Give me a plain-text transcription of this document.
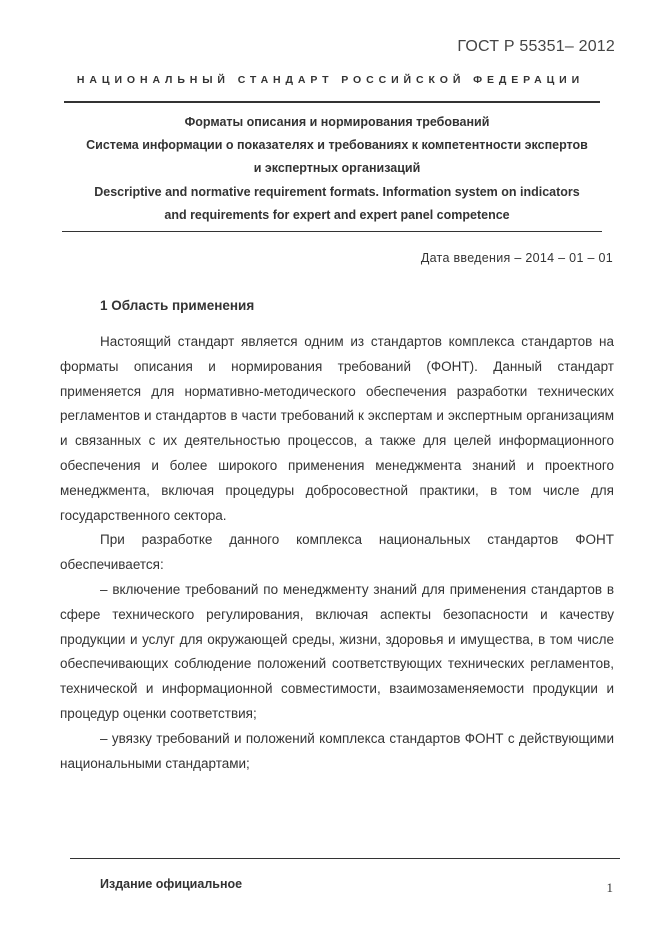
ГОСТ Р 55351– 2012
НАЦИОНАЛЬНЫЙ СТАНДАРТ РОССИЙСКОЙ ФЕДЕРАЦИИ
Форматы описания и нормирования требований
Система информации о показателях и требованиях к компетентности экспертов
и экспертных организаций
Descriptive and normative requirement formats. Information system on indicators
and requirements for expert and expert panel competence
Дата введения – 2014 – 01 – 01
1 Область применения

Настоящий стандарт является одним из стандартов комплекса стандартов на форматы описания и нормирования требований (ФОНТ). Данный стандарт применяется для нормативно-методического обеспечения разработки технических регламентов и стандартов в части требований к экспертам и экспертным организациям и связанных с их деятельностью процессов, а также для целей информационного обеспечения и более широкого применения менеджмента знаний и проектного менеджмента, включая процедуры добросовестной практики, в том числе для государственного сектора.

При разработке данного комплекса национальных стандартов ФОНТ обеспечивается:

– включение требований по менеджменту знаний для применения стандартов в сфере технического регулирования, включая аспекты безопасности и качеству продукции и услуг для окружающей среды, жизни, здоровья и имущества, в том числе обеспечивающих соблюдение положений соответствующих технических регламентов, технической и информационной совместимости, взаимозаменяемости продукции и процедур оценки соответствия;

– увязку требований и положений комплекса стандартов ФОНТ с действующими национальными стандартами;

Издание официальное	1
